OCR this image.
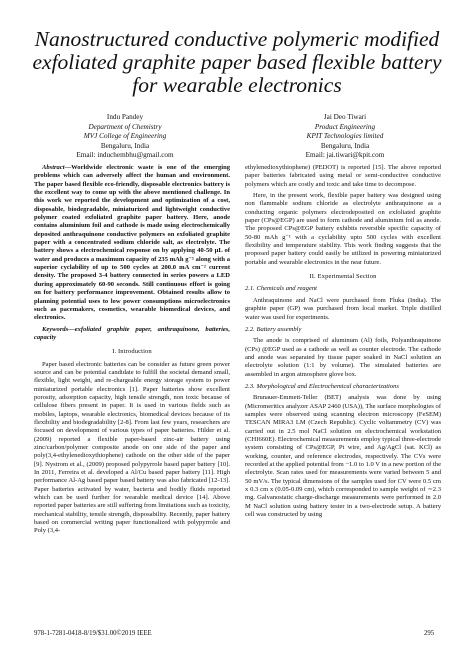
Nanostructured conductive polymeric modified exfoliated graphite paper based flexible battery for wearable electronics
Indu Pandey
Department of Chemistry
MVJ College of Engineering
Bengaluru, India
Email: induchembhu@gmail.com
Jai Deo Tiwari
Product Engineering
KPIT Technologies limited
Bengaluru, India
Email: jai.tiwari@kpit.com

Abstract—Worldwide electronic waste is one of the emerging problems which can adversely affect the human and environment. The paper based flexible eco-friendly, disposable electronics battery is the excellent way to come up with the above mentioned challenge. In this work we reported the development and optimization of a cost, disposable, biodegradable, miniaturized and lightweight conductive polymer coated exfoliated graphite paper battery. Here, anode contains aluminium foil and cathode is made using electrochemically deposited anthraquinone conductive polymers on exfoliated graphite paper with a concentrated sodium chloride salt, as electrolyte. The battery shows a electrochemical response on by applying 40-50 µL of water and produces a maximum capacity of 235 mAh g⁻¹ along with a superior cyclability of up to 500 cycles at 200.0 mA cm⁻² current density. The proposed 3-4 battery connected in series powers a LED during approximately 60-90 seconds. Still continuous effort is going on for battery performance improvement. Obtained results allow to planning potential uses to low power consumptions microelectronics such as pacemakers, cosmetics, wearable biomedical devices, and electronics.

Keywords—exfoliated graphite paper, anthraquinone, batteries, capacity

I. Introduction

Paper based electronic batteries can be consider as future green power source and can be potential candidate to fulfill the societal demand small, flexible, light weight, and re-chargeable energy storage system to power miniaturized portable electronics [1]. Paper batteries show excellent porosity, adsorption capacity, high tensile strength, non toxic because of cellulose fibers present in paper. It is used in various fields such as mobiles, laptops, wearable electronics, biomedical devices because of its flexibility and biodegradability [2-8]. From last few years, researchers are focused on development of various types of paper batteries. Hilder et al. (2009) reported a flexible paper-based zinc-air battery using zinc/carbon/polymer composite anode on one side of the paper and poly(3,4-ethylenedioxythiophene) cathode on the other side of the paper [9]. Nystrom et al., (2009) proposed polypyrrole based paper battery [10]. In 2011, Ferreira et al. developed a Al/Cu based paper battery [11]. High performance Al-Ag based paper based battery was also fabricated [12-13]. Paper batteries activated by water, bacteria and bodily fluids reported which can be used further for wearable medical device [14]. Above reported paper batteries are still suffering from limitations such as toxicity, mechanical stability, tensile strength, disposability. Recently, paper battery based on commercial writing paper functionalized with polypyrrole and Poly (3,4-

ethylenedioxythiophene) (PEDOT) is reported [15]. The above reported paper batteries fabricated using metal or semi-conductive conductive polymers which are costly and toxic and take time to decompose.

Here, in the present work, flexible paper battery was designed using non flammable sodium chloride as electrolyte anthraquinone as a conducting organic polymers electrodeposited on exfoliated graphite paper (CPs@EGP) are used to form cathode and aluminium foil as anode. The proposed CPs@EGP battery exhibits reversible specific capacity of 50-80 mAh g⁻¹ with a cyclability upto 500 cycles with excellent flexibility and temperature stability. This work finding suggests that the proposed paper battery could easily be utilized in powering miniaturized portable and wearable electronics in the near future.

II. Experimental Section

2.1. Chemicals and reagent

Anthraquinone and NaCl were purchased from Fluka (India). The graphite paper (GP) was purchased from local market. Triple distilled water was used for experiments.

2.2. Battery assembly

The anode is comprised of aluminum (Al) foils, Polyanthraquinone (CPs) @EGP used as a cathode as well as counter electrode. The cathode and anode was separated by tissue paper soaked in NaCl solution an electrolyte solution (1:1 by volume). The simulated batteries are assembled in argon atmosphere glove box.

2.3. Morphological and Electrochemical characterizations

Brunauer-Emmett-Teller (BET) analysis was done by using (Micromeritics analyzer ASAP 2460 (USA)), The surface morphologies of samples were observed using scanning electron microscopy (FeSEM) TESCAN MIRA3 LM (Czech Republic). Cyclic voltammetry (CV) was carried out in 2.5 mol NaCl solution on electrochemical workstation (CHI660E). Electrochemical measurements employ typical three-electrode system consisting of CPs@EGP, Pt wire, and Ag/AgCl (sat. KCl) as working, counter, and reference electrodes, respectively. The CVs were recorded at the applied potential from −1.0 to 1.0 V in a new portion of the electrolyte. Scan rates used for measurements were varied between 5 and 50 mV/s. The typical dimensions of the samples used for CV were 0.5 cm x 0.3 cm x (0.05-0.09 cm), which corresponded to sample weight of ∼2.3 mg. Galvanostatic charge-discharge measurements were performed in 2.0 M NaCl solution using battery tester in a two-electrode setup. A battery cell was constructed by using

978-1-7281-0418-8/19/$31.00©2019 IEEE	295
